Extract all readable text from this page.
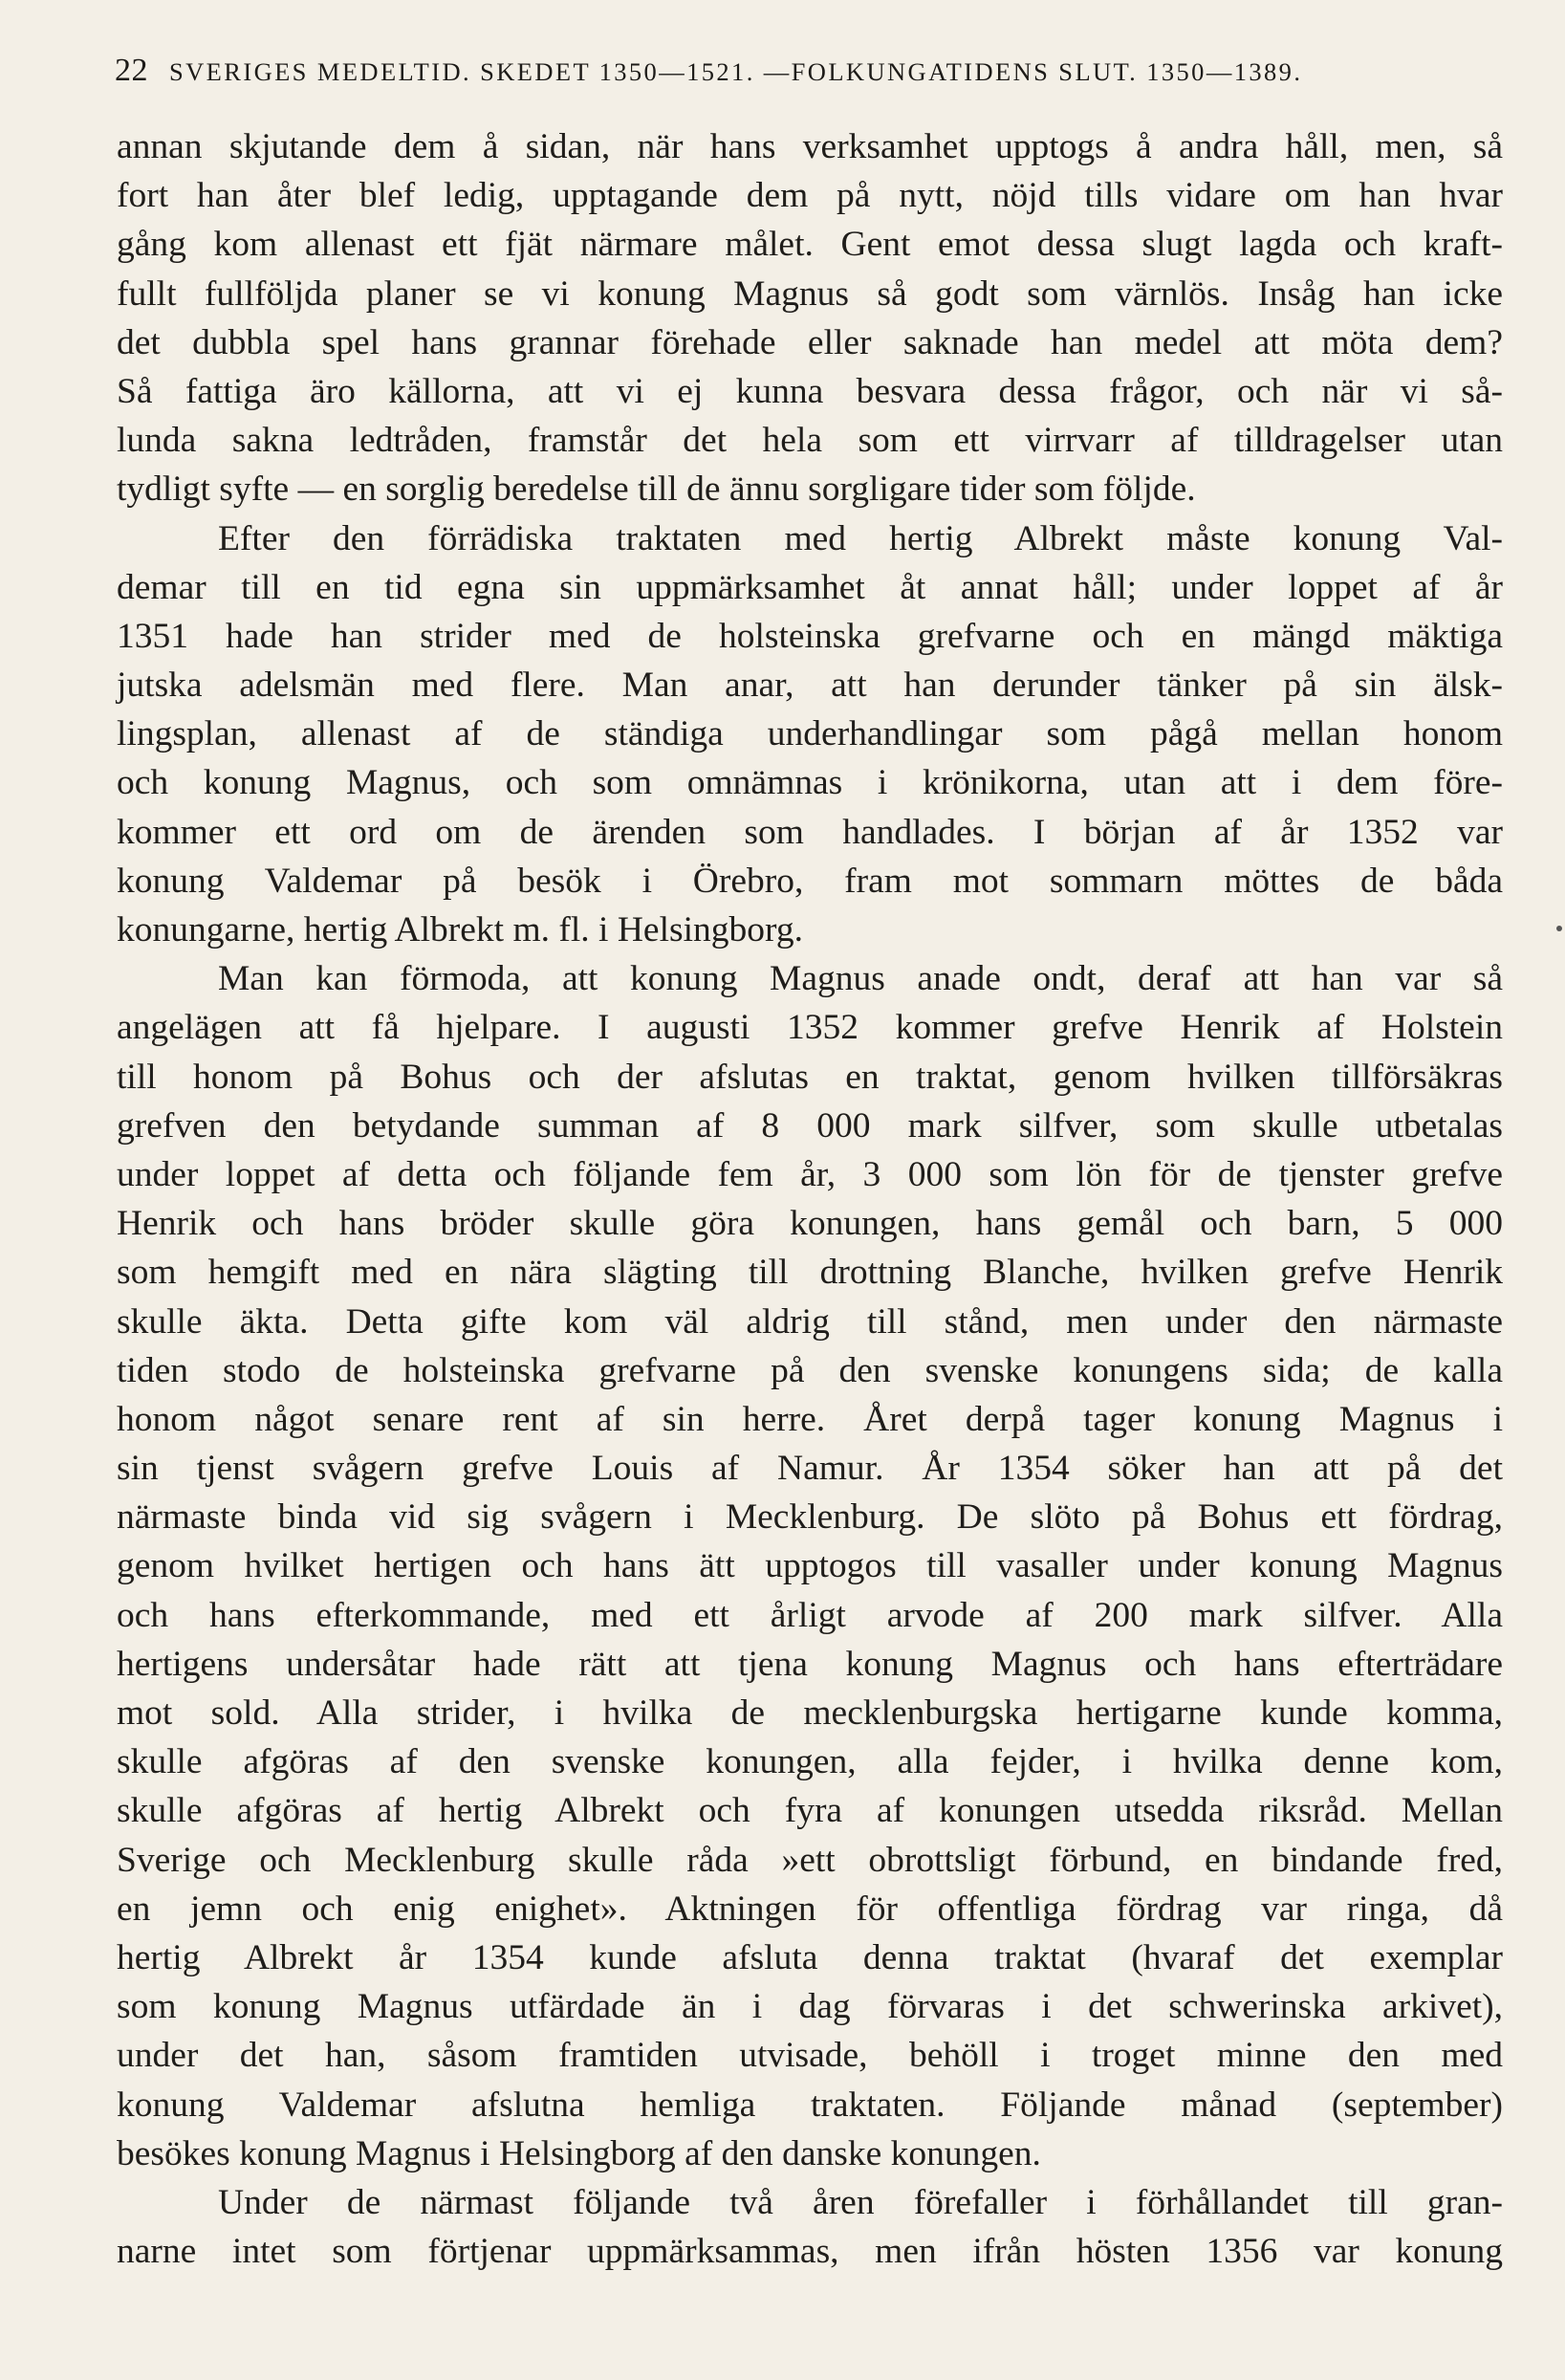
22 SVERIGES MEDELTID. SKEDET 1350—1521. —FOLKUNGATIDENS SLUT. 1350—1389.
annan skjutande dem å sidan, när hans verksamhet upptogs å andra håll, men, så
fort han åter blef ledig, upptagande dem på nytt, nöjd tills vidare om han hvar
gång kom allenast ett fjät närmare målet. Gent emot dessa slugt lagda och kraft-
fullt fullföljda planer se vi konung Magnus så godt som värnlös. Insåg han icke
det dubbla spel hans grannar förehade eller saknade han medel att möta dem?
Så fattiga äro källorna, att vi ej kunna besvara dessa frågor, och när vi så-
lunda sakna ledtråden, framstår det hela som ett virrvarr af tilldragelser utan
tydligt syfte — en sorglig beredelse till de ännu sorgligare tider som följde.
Efter den förrädiska traktaten med hertig Albrekt måste konung Val-
demar till en tid egna sin uppmärksamhet åt annat håll; under loppet af år
1351 hade han strider med de holsteinska grefvarne och en mängd mäktiga
jutska adelsmän med flere. Man anar, att han derunder tänker på sin älsk-
lingsplan, allenast af de ständiga underhandlingar som pågå mellan honom
och konung Magnus, och som omnämnas i krönikorna, utan att i dem före-
kommer ett ord om de ärenden som handlades. I början af år 1352 var
konung Valdemar på besök i Örebro, fram mot sommarn möttes de båda
konungarne, hertig Albrekt m. fl. i Helsingborg.
Man kan förmoda, att konung Magnus anade ondt, deraf att han var så
angelägen att få hjelpare. I augusti 1352 kommer grefve Henrik af Holstein
till honom på Bohus och der afslutas en traktat, genom hvilken tillförsäkras
grefven den betydande summan af 8 000 mark silfver, som skulle utbetalas
under loppet af detta och följande fem år, 3 000 som lön för de tjenster grefve
Henrik och hans bröder skulle göra konungen, hans gemål och barn, 5 000
som hemgift med en nära slägting till drottning Blanche, hvilken grefve Henrik
skulle äkta. Detta gifte kom väl aldrig till stånd, men under den närmaste
tiden stodo de holsteinska grefvarne på den svenske konungens sida; de kalla
honom något senare rent af sin herre. Året derpå tager konung Magnus i
sin tjenst svågern grefve Louis af Namur. År 1354 söker han att på det
närmaste binda vid sig svågern i Mecklenburg. De slöto på Bohus ett fördrag,
genom hvilket hertigen och hans ätt upptogos till vasaller under konung Magnus
och hans efterkommande, med ett årligt arvode af 200 mark silfver. Alla
hertigens undersåtar hade rätt att tjena konung Magnus och hans efterträdare
mot sold. Alla strider, i hvilka de mecklenburgska hertigarne kunde komma,
skulle afgöras af den svenske konungen, alla fejder, i hvilka denne kom,
skulle afgöras af hertig Albrekt och fyra af konungen utsedda riksråd. Mellan
Sverige och Mecklenburg skulle råda »ett obrottsligt förbund, en bindande fred,
en jemn och enig enighet». Aktningen för offentliga fördrag var ringa, då
hertig Albrekt år 1354 kunde afsluta denna traktat (hvaraf det exemplar
som konung Magnus utfärdade än i dag förvaras i det schwerinska arkivet),
under det han, såsom framtiden utvisade, behöll i troget minne den med
konung Valdemar afslutna hemliga traktaten. Följande månad (september)
besökes konung Magnus i Helsingborg af den danske konungen.
Under de närmast följande två åren förefaller i förhållandet till gran-
narne intet som förtjenar uppmärksammas, men ifrån hösten 1356 var konung
